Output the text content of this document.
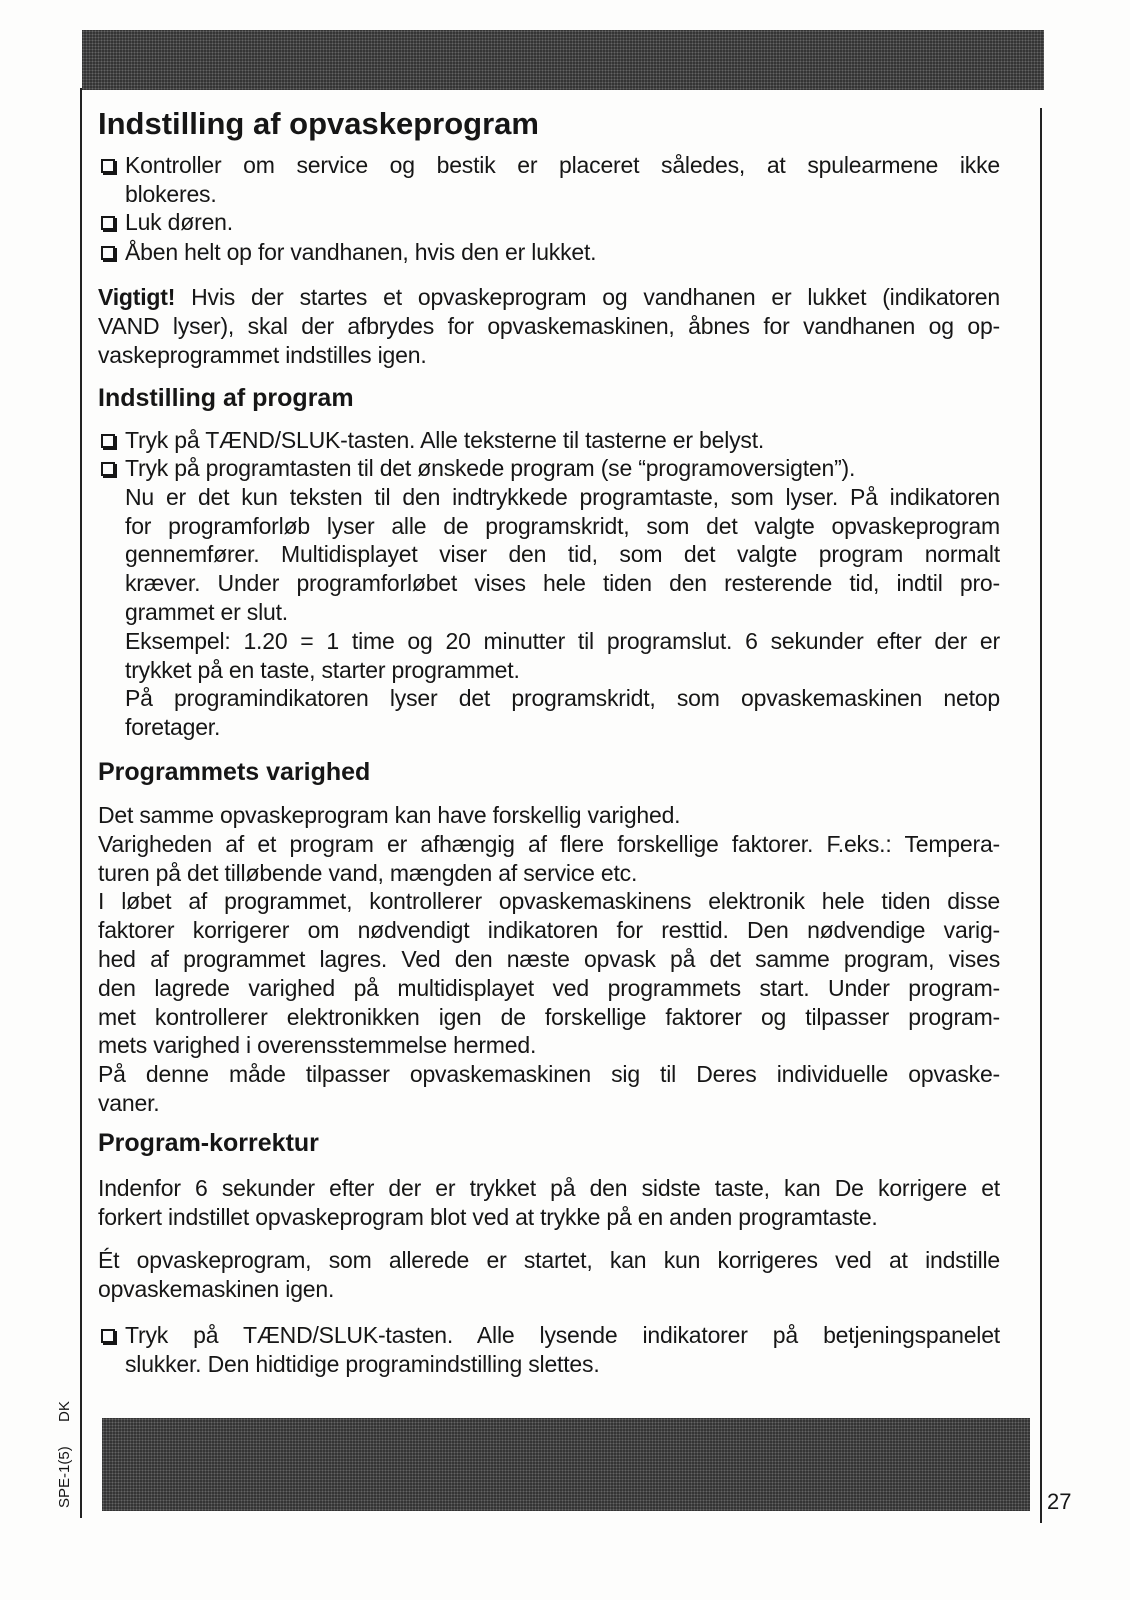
Indstilling af opvaskeprogram
Kontroller om service og bestik er placeret således, at spulearmene ikke
blokeres.
Luk døren.
Åben helt op for vandhanen, hvis den er lukket.
Vigtigt! Hvis der startes et opvaskeprogram og vandhanen er lukket (indikatoren
VAND lyser), skal der afbrydes for opvaskemaskinen, åbnes for vandhanen og op-
vaskeprogrammet indstilles igen.
Indstilling af program
Tryk på TÆND/SLUK-tasten. Alle teksterne til tasterne er belyst.
Tryk på programtasten til det ønskede program (se “programoversigten”).
Nu er det kun teksten til den indtrykkede programtaste, som lyser. På indikatoren
for programforløb lyser alle de programskridt, som det valgte opvaskeprogram
gennemfører. Multidisplayet viser den tid, som det valgte program normalt
kræver. Under programforløbet vises hele tiden den resterende tid, indtil pro-
grammet er slut.
Eksempel: 1.20 = 1 time og 20 minutter til programslut. 6 sekunder efter der er
trykket på en taste, starter programmet.
På programindikatoren lyser det programskridt, som opvaskemaskinen netop
foretager.
Programmets varighed
Det samme opvaskeprogram kan have forskellig varighed.
Varigheden af et program er afhængig af flere forskellige faktorer. F.eks.: Tempera-
turen på det tilløbende vand, mængden af service etc.
I løbet af programmet, kontrollerer opvaskemaskinens elektronik hele tiden disse
faktorer korrigerer om nødvendigt indikatoren for resttid. Den nødvendige varig-
hed af programmet lagres. Ved den næste opvask på det samme program, vises
den lagrede varighed på multidisplayet ved programmets start. Under program-
met kontrollerer elektronikken igen de forskellige faktorer og tilpasser program-
mets varighed i overensstemmelse hermed.
På denne måde tilpasser opvaskemaskinen sig til Deres individuelle opvaske-
vaner.
Program-korrektur
Indenfor 6 sekunder efter der er trykket på den sidste taste, kan De korrigere et
forkert indstillet opvaskeprogram blot ved at trykke på en anden programtaste.
Ét opvaskeprogram, som allerede er startet, kan kun korrigeres ved at indstille
opvaskemaskinen igen.
Tryk på TÆND/SLUK-tasten. Alle lysende indikatorer på betjeningspanelet
slukker. Den hidtidige programindstilling slettes.
SPE-1(5)DK
27
